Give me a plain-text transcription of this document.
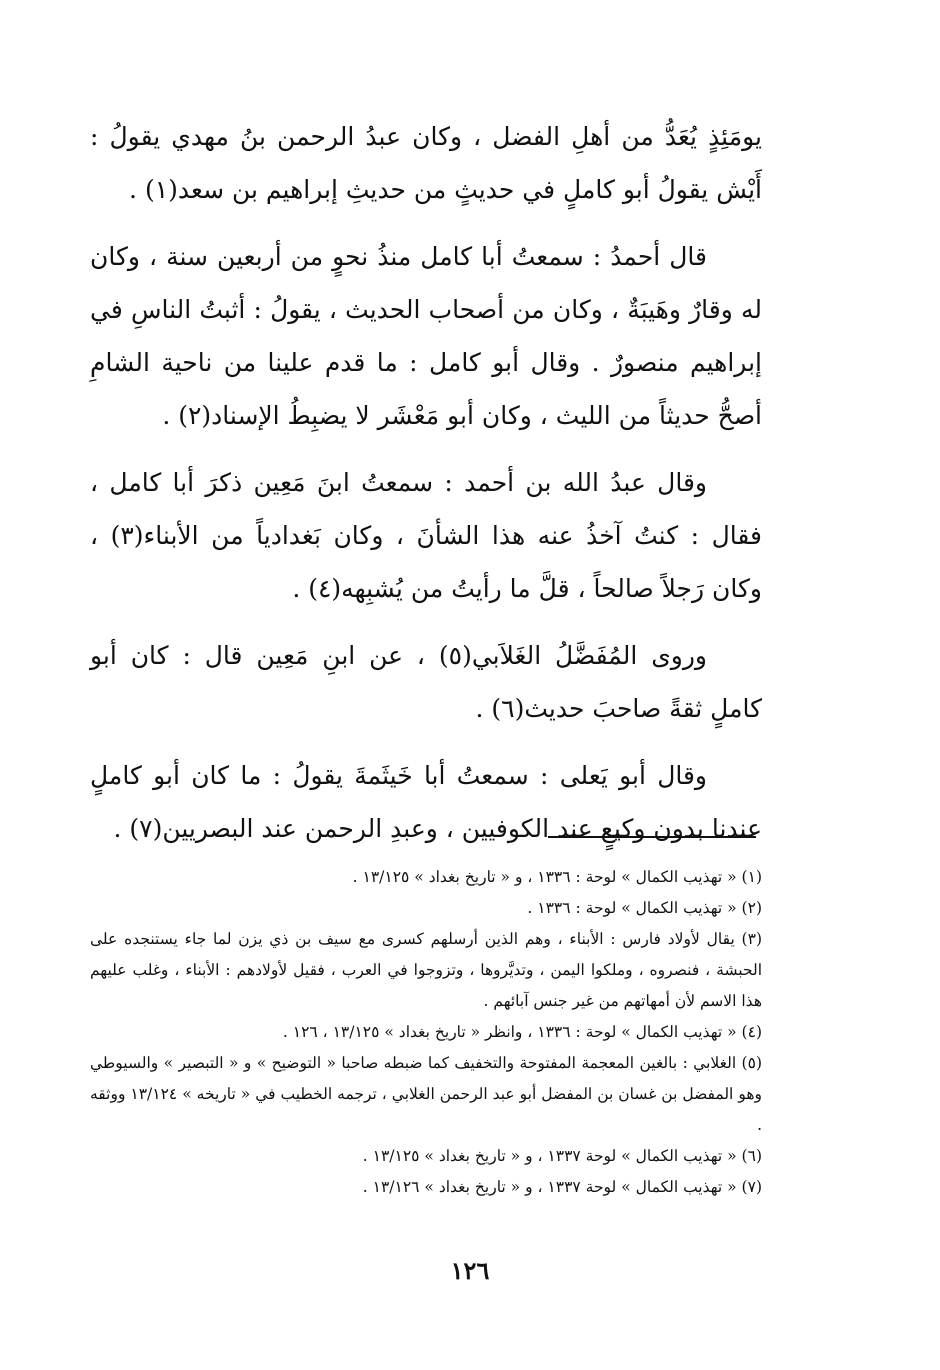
يومَئِذٍ يُعَدُّ من أهلِ الفضل ، وكان عبدُ الرحمن بنُ مهدي يقولُ : أَيْش يقولُ أبو كاملٍ في حديثٍ من حديثِ إبراهيم بن سعد(١) .

قال أحمدُ : سمعتُ أبا كامل منذُ نحوٍ من أربعين سنة ، وكان له وقارٌ وهَيبَةٌ ، وكان من أصحاب الحديث ، يقولُ : أثبتُ الناسِ في إبراهيم منصورٌ . وقال أبو كامل : ما قدم علينا من ناحية الشامِ أصحُّ حديثاً من الليث ، وكان أبو مَعْشَر لا يضبِطُ الإسناد(٢) .

وقال عبدُ الله بن أحمد : سمعتُ ابنَ مَعِين ذكرَ أبا كامل ، فقال : كنتُ آخذُ عنه هذا الشأنَ ، وكان بَغدادياً من الأبناء(٣) ، وكان رَجلاً صالحاً ، قلَّ ما رأيتُ من يُشبِهه(٤) .

وروى المُفَضَّلُ الغَلاَبي(٥) ، عن ابنِ مَعِين قال : كان أبو كاملٍ ثقةً صاحبَ حديث(٦) .

وقال أبو يَعلى : سمعتُ أبا خَيثَمةَ يقولُ : ما كان أبو كاملٍ عندنا بدون وكيعٍ عند الكوفيين ، وعبدِ الرحمن عند البصريين(٧) .

(١) « تهذيب الكمال » لوحة : ١٣٣٦ ، و « تاريخ بغداد » ١٣/١٢٥ .

(٢) « تهذيب الكمال » لوحة : ١٣٣٦ .

(٣) يقال لأولاد فارس : الأبناء ، وهم الذين أرسلهم كسرى مع سيف بن ذي يزن لما جاء يستنجده على الحبشة ، فنصروه ، وملكوا اليمن ، وتديَّروها ، وتزوجوا في العرب ، فقيل لأولادهم : الأبناء ، وغلب عليهم هذا الاسم لأن أمهاتهم من غير جنس آبائهم .

(٤) « تهذيب الكمال » لوحة : ١٣٣٦ ، وانظر « تاريخ بغداد » ١٣/١٢٥ ، ١٢٦ .

(٥) الغلابي : بالغين المعجمة المفتوحة والتخفيف كما ضبطه صاحبا « التوضيح » و « التبصير » والسيوطي وهو المفضل بن غسان بن المفضل أبو عبد الرحمن الغلابي ، ترجمه الخطيب في « تاريخه » ١٣/١٢٤ ووثقه .

(٦) « تهذيب الكمال » لوحة ١٣٣٧ ، و « تاريخ بغداد » ١٣/١٢٥ .

(٧) « تهذيب الكمال » لوحة ١٣٣٧ ، و « تاريخ بغداد » ١٣/١٢٦ .

١٢٦
